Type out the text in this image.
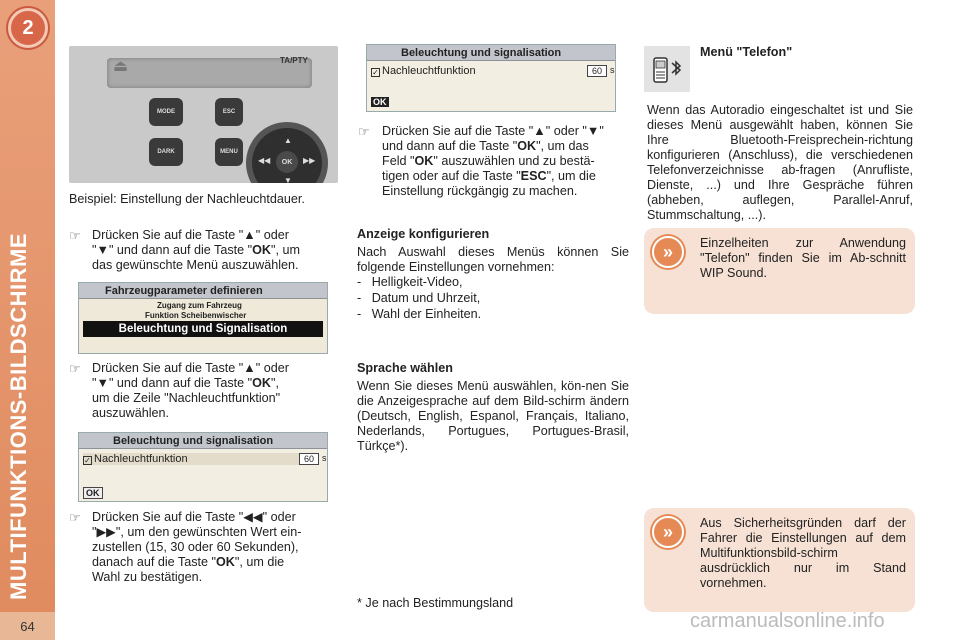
2
MULTIFUNKTIONS-BILDSCHIRME
64
⏏	TA/PTY
MODE
DARK
ESC
MENU
OK
▲
▼
◀◀	▶▶
Beispiel: Einstellung der Nachleuchtdauer.
☞ Drücken Sie auf die Taste "▲" oder
"▼" und dann auf die Taste "OK", um
das gewünschte Menü auszuwählen.
Fahrzeugparameter definieren
Zugang zum Fahrzeug
Funktion Scheibenwischer
Beleuchtung und Signalisation
☞ Drücken Sie auf die Taste "▲" oder
"▼" und dann auf die Taste "OK",
um die Zeile "Nachleuchtfunktion"
auszuwählen.
Beleuchtung und signalisation
✓ Nachleuchtfunktion	60 s
OK
☞ Drücken Sie auf die Taste "◀◀" oder
"▶▶", um den gewünschten Wert ein-
zustellen (15, 30 oder 60 Sekunden),
danach auf die Taste "OK", um die
Wahl zu bestätigen.
Beleuchtung und signalisation
✓ Nachleuchtfunktion	60 s
OK
☞ Drücken Sie auf die Taste "▲" oder "▼"
und dann auf die Taste "OK", um das
Feld "OK" auszuwählen und zu bestä-
tigen oder auf die Taste "ESC", um die
Einstellung rückgängig zu machen.
Anzeige konfigurieren
Nach Auswahl dieses Menüs können Sie folgende Einstellungen vornehmen:
-   Helligkeit-Video,
-   Datum und Uhrzeit,
-   Wahl der Einheiten.
Sprache wählen
Wenn Sie dieses Menü auswählen, kön-nen Sie die Anzeigesprache auf dem Bild-schirm ändern (Deutsch, English, Espanol, Français, Italiano, Nederlands, Portugues, Portugues-Brasil, Türkçe*).
* Je nach Bestimmungsland
Menü "Telefon"
Wenn das Autoradio eingeschaltet ist und Sie dieses Menü ausgewählt haben, können Sie Ihre Bluetooth-Freisprechein-richtung konfigurieren (Anschluss), die verschiedenen Telefonverzeichnisse ab-fragen (Anrufliste, Dienste, ...) und Ihre Gespräche führen (abheben, auflegen, Parallel-Anruf, Stummschaltung, ...).
»	Einzelheiten zur Anwendung "Telefon" finden Sie im Ab-schnitt WIP Sound.
»	Aus Sicherheitsgründen darf der Fahrer die Einstellungen auf dem Multifunktionsbild-schirm ausdrücklich nur im Stand vornehmen.
carmanualsonline.info
